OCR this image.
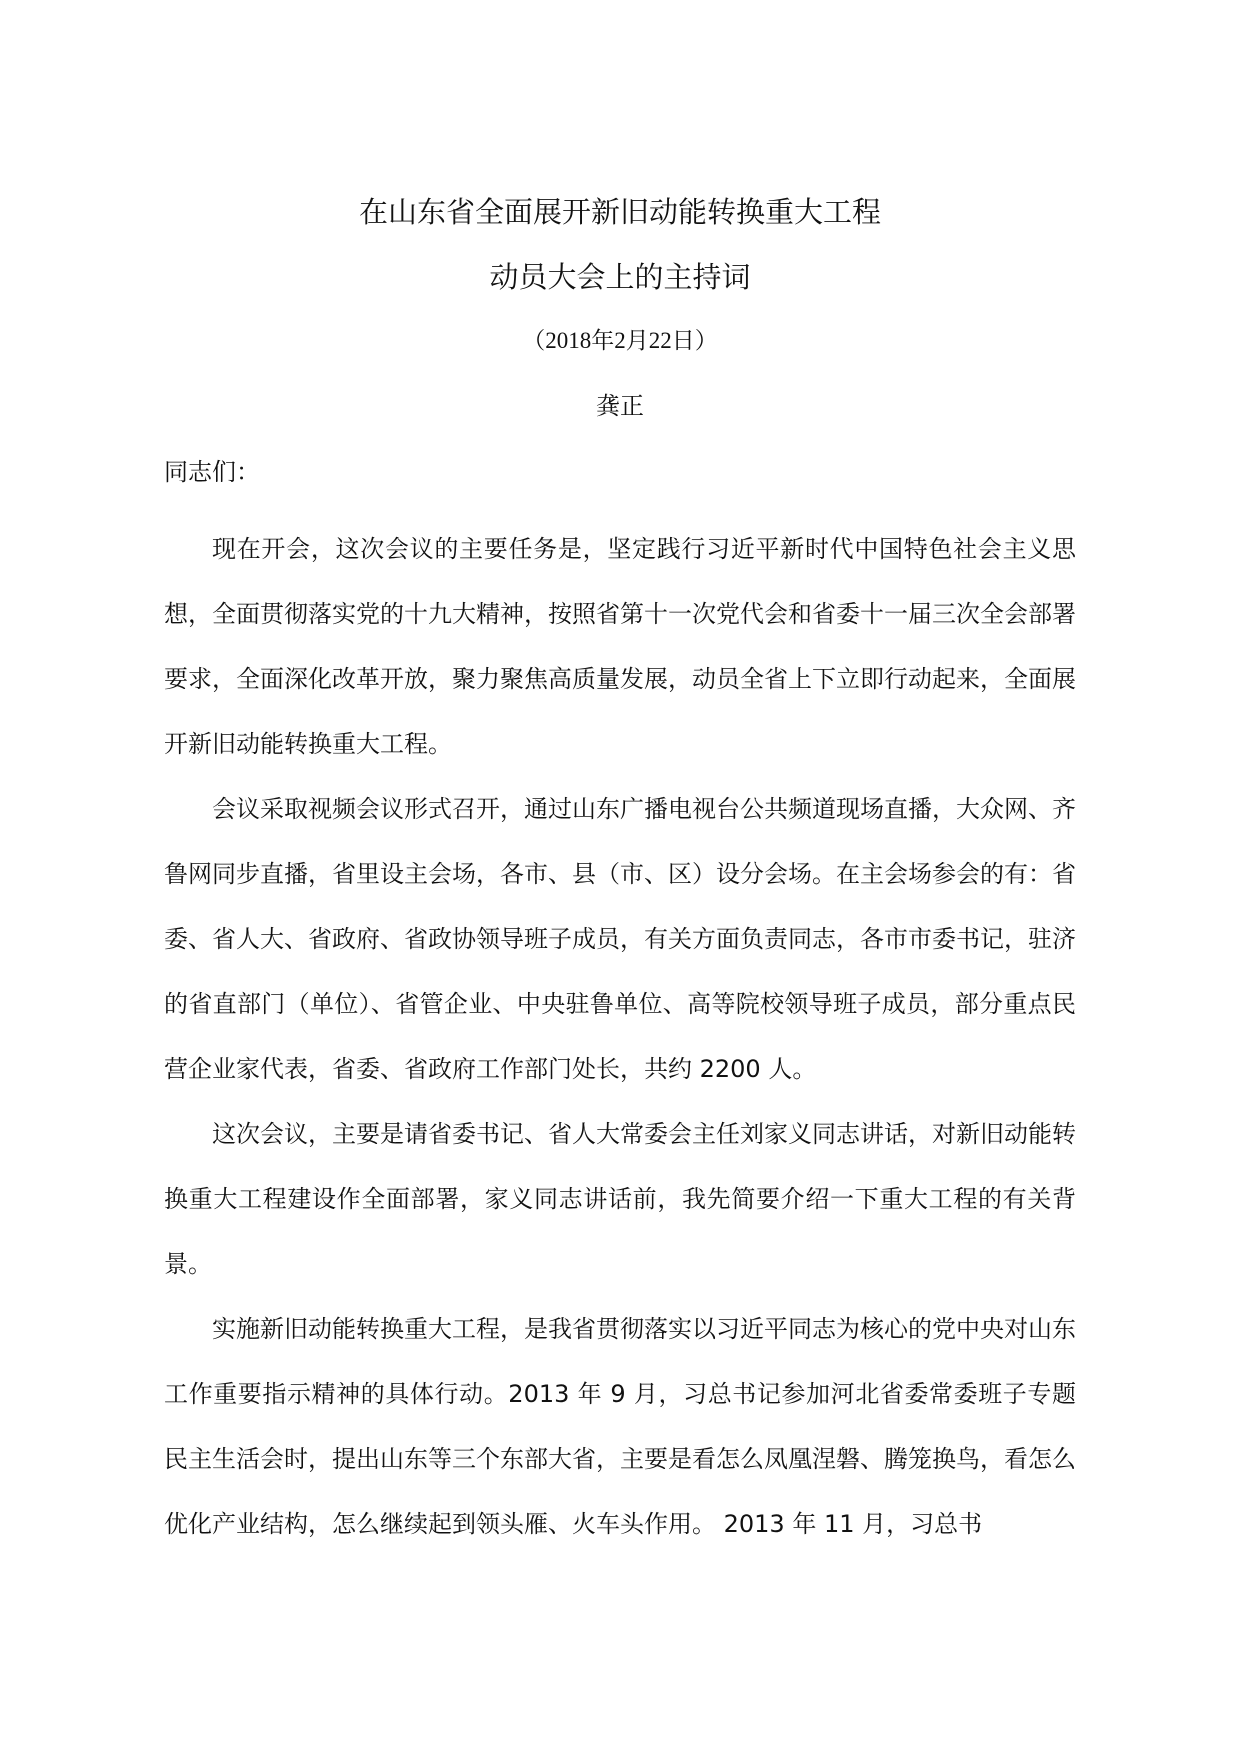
在山东省全面展开新旧动能转换重大工程
动员大会上的主持词
（2018年2月22日）
龚正
同志们：

现在开会，这次会议的主要任务是，坚定践行习近平新时代中国特色社会主义思想，全面贯彻落实党的十九大精神，按照省第十一次党代会和省委十一届三次全会部署要求，全面深化改革开放，聚力聚焦高质量发展，动员全省上下立即行动起来，全面展开新旧动能转换重大工程。

会议采取视频会议形式召开，通过山东广播电视台公共频道现场直播，大众网、齐鲁网同步直播，省里设主会场，各市、县（市、区）设分会场。在主会场参会的有：省委、省人大、省政府、省政协领导班子成员，有关方面负责同志，各市市委书记，驻济的省直部门（单位）、省管企业、中央驻鲁单位、高等院校领导班子成员，部分重点民营企业家代表，省委、省政府工作部门处长，共约 2200 人。

这次会议，主要是请省委书记、省人大常委会主任刘家义同志讲话，对新旧动能转换重大工程建设作全面部署，家义同志讲话前，我先简要介绍一下重大工程的有关背景。

实施新旧动能转换重大工程，是我省贯彻落实以习近平同志为核心的党中央对山东工作重要指示精神的具体行动。2013 年 9 月，习总书记参加河北省委常委班子专题民主生活会时，提出山东等三个东部大省，主要是看怎么凤凰涅磐、腾笼换鸟，看怎么优化产业结构，怎么继续起到领头雁、火车头作用。 2013 年 11 月，习总书
